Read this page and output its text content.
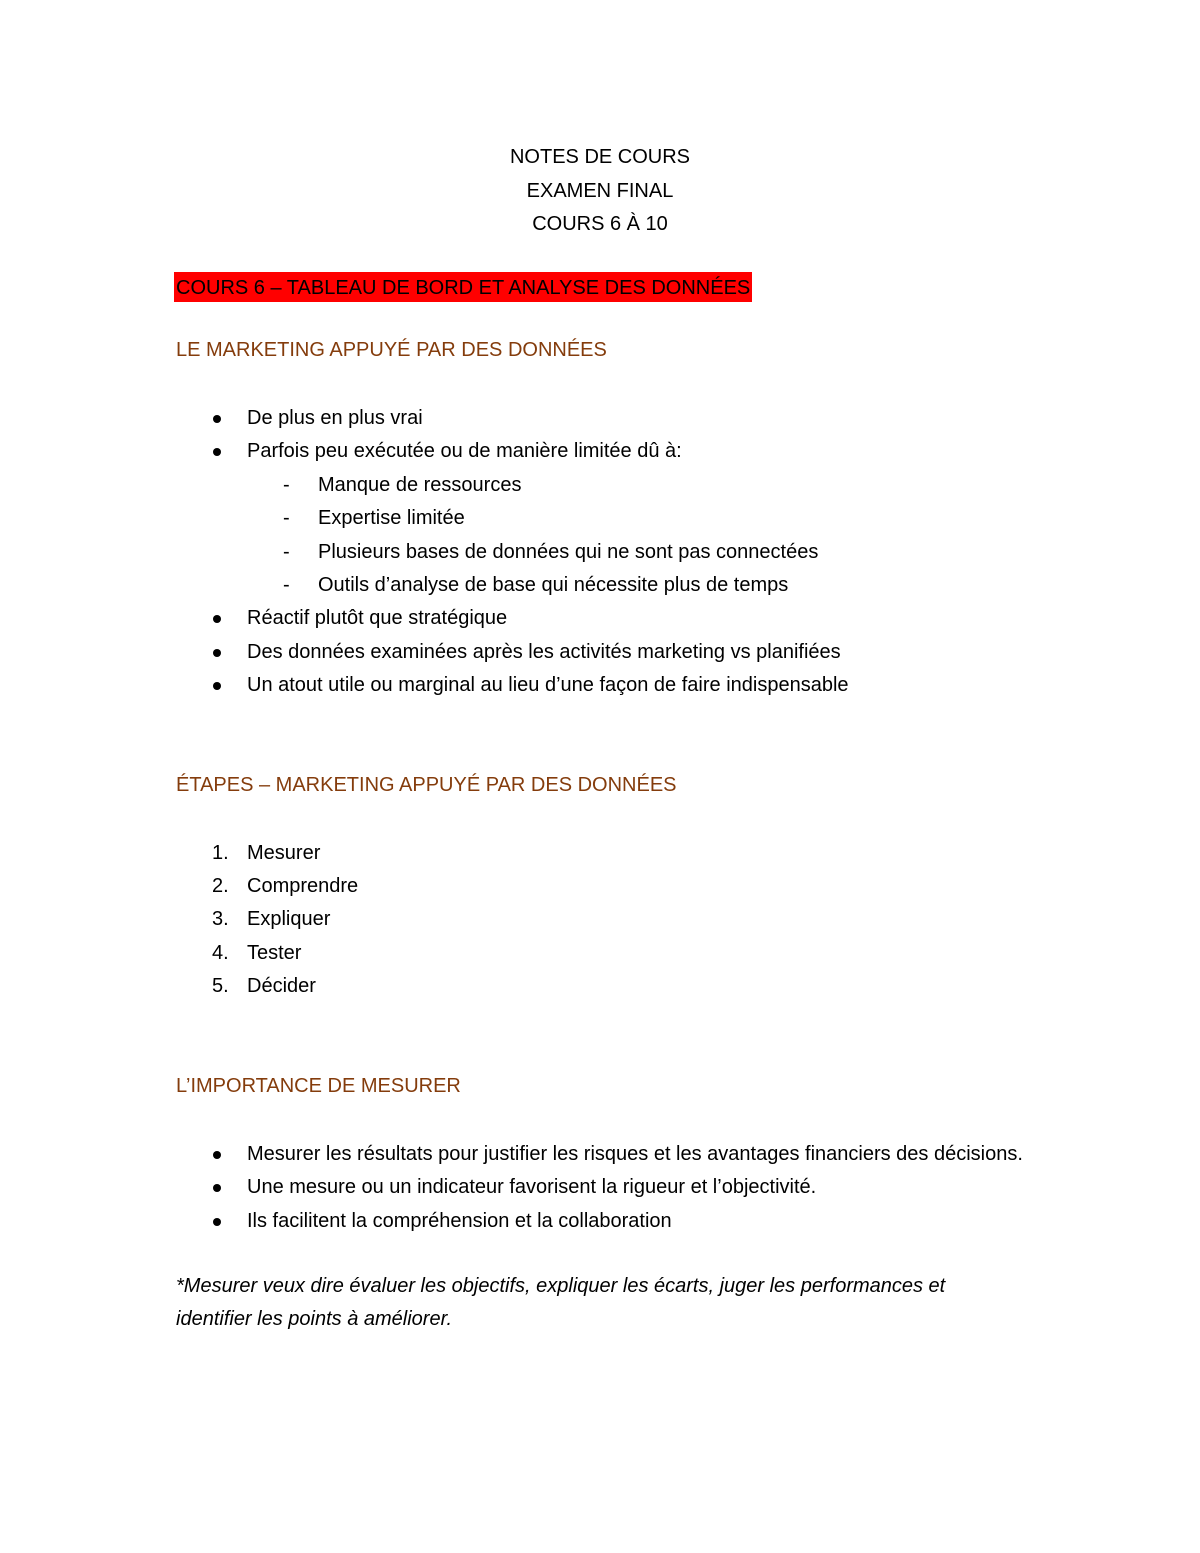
NOTES DE COURS
EXAMEN FINAL
COURS 6 À 10
COURS 6 – TABLEAU DE BORD ET ANALYSE DES DONNÉES

LE MARKETING APPUYÉ PAR DES DONNÉES

De plus en plus vrai
Parfois peu exécutée ou de manière limitée dû à:
- Manque de ressources
- Expertise limitée
- Plusieurs bases de données qui ne sont pas connectées
- Outils d’analyse de base qui nécessite plus de temps
Réactif plutôt que stratégique
Des données examinées après les activités marketing vs planifiées
Un atout utile ou marginal au lieu d’une façon de faire indispensable

ÉTAPES – MARKETING APPUYÉ PAR DES DONNÉES

1. Mesurer
2. Comprendre
3. Expliquer
4. Tester
5. Décider

L’IMPORTANCE DE MESURER

Mesurer les résultats pour justifier les risques et les avantages financiers des décisions.
Une mesure ou un indicateur favorisent la rigueur et l’objectivité.
Ils facilitent la compréhension et la collaboration

*Mesurer veux dire évaluer les objectifs, expliquer les écarts, juger les performances et identifier les points à améliorer.
